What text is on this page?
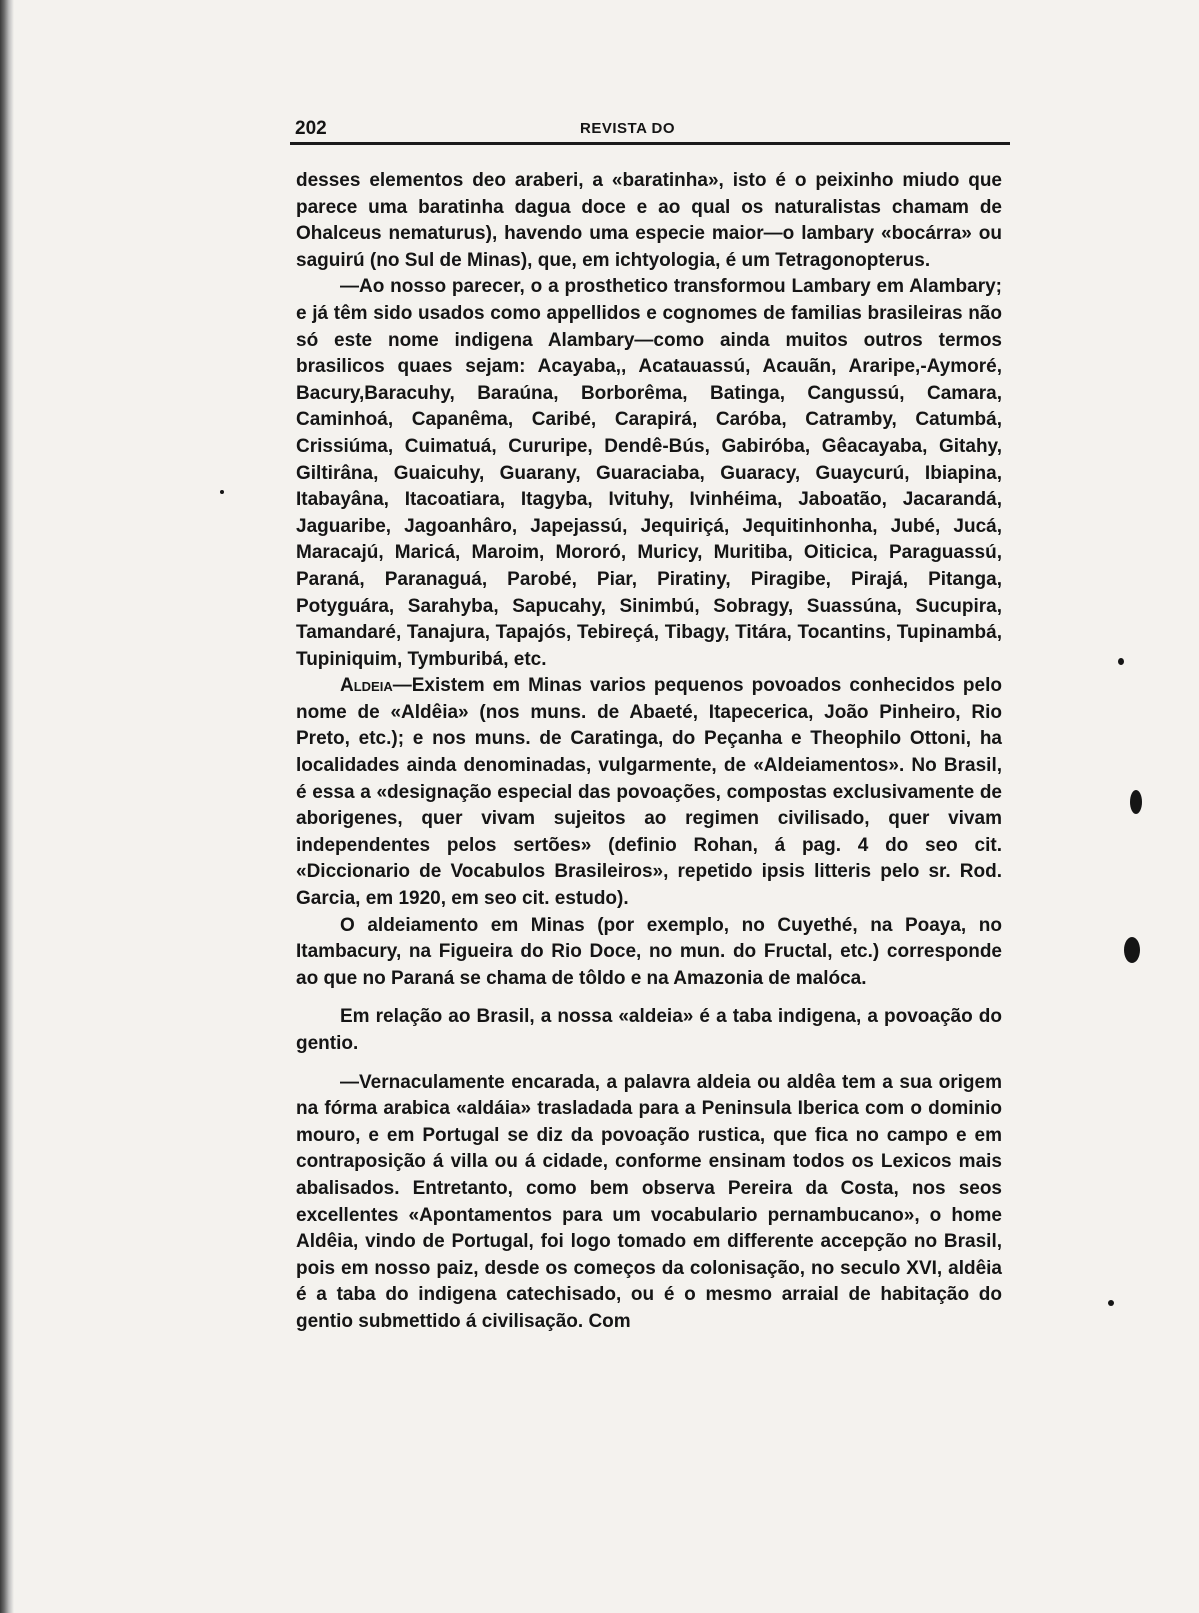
202	REVISTA DO

desses elementos deo araberi, a «baratinha», isto é o peixinho miudo que parece uma baratinha dagua doce e ao qual os naturalistas chamam de Ohalceus nematurus), havendo uma especie maior—o lambary «bocárra» ou saguirú (no Sul de Minas), que, em ichtyologia, é um Tetragonopterus.

—Ao nosso parecer, o a prosthetico transformou Lambary em Alambary; e já têm sido usados como appellidos e cognomes de familias brasileiras não só este nome indigena Alambary—como ainda muitos outros termos brasilicos quaes sejam: Acayaba,, Acatauassú, Acauãn, Araripe,-Aymoré, Bacury,Baracuhy, Baraúna, Borborêma, Batinga, Cangussú, Camara, Caminhoá, Capanêma, Caribé, Carapirá, Caróba, Catramby, Catumbá, Crissiúma, Cuimatuá, Cururipe, Dendê-Bús, Gabiróba, Gêacayaba, Gitahy, Giltirâna, Guaicuhy, Guarany, Guaraciaba, Guaracy, Guaycurú, Ibiapina, Itabayâna, Itacoatiara, Itagyba, Ivituhy, Ivinhéima, Jaboatão, Jacarandá, Jaguaribe, Jagoanhâro, Japejassú, Jequiriçá, Jequitinhonha, Jubé, Jucá, Maracajú, Maricá, Maroim, Mororó, Muricy, Muritiba, Oiticica, Paraguassú, Paraná, Paranaguá, Parobé, Piar, Piratiny, Piragibe, Pirajá, Pitanga, Potyguára, Sarahyba, Sapucahy, Sinimbú, Sobragy, Suassúna, Sucupira, Tamandaré, Tanajura, Tapajós, Tebireçá, Tibagy, Titára, Tocantins, Tupinambá, Tupiniquim, Tymburibá, etc.

Aldeia—Existem em Minas varios pequenos povoados conhecidos pelo nome de «Aldêia» (nos muns. de Abaeté, Itapecerica, João Pinheiro, Rio Preto, etc.); e nos muns. de Caratinga, do Peçanha e Theophilo Ottoni, ha localidades ainda denominadas, vulgarmente, de «Aldeiamentos». No Brasil, é essa a «designação especial das povoações, compostas exclusivamente de aborigenes, quer vivam sujeitos ao regimen civilisado, quer vivam independentes pelos sertões» (definio Rohan, á pag. 4 do seo cit. «Diccionario de Vocabulos Brasileiros», repetido ipsis litteris pelo sr. Rod. Garcia, em 1920, em seo cit. estudo).

O aldeiamento em Minas (por exemplo, no Cuyethé, na Poaya, no Itambacury, na Figueira do Rio Doce, no mun. do Fructal, etc.) corresponde ao que no Paraná se chama de tôldo e na Amazonia de malóca.

Em relação ao Brasil, a nossa «aldeia» é a taba indigena, a povoação do gentio.

—Vernaculamente encarada, a palavra aldeia ou aldêa tem a sua origem na fórma arabica «aldáia» trasladada para a Peninsula Iberica com o dominio mouro, e em Portugal se diz da povoação rustica, que fica no campo e em contraposição á villa ou á cidade, conforme ensinam todos os Lexicos mais abalisados. Entretanto, como bem observa Pereira da Costa, nos seos excellentes «Apontamentos para um vocabulario pernambucano», o home Aldêia, vindo de Portugal, foi logo tomado em differente accepção no Brasil, pois em nosso paiz, desde os começos da colonisação, no seculo XVI, aldêia é a taba do indigena catechisado, ou é o mesmo arraial de habitação do gentio submettido á civilisação. Com
